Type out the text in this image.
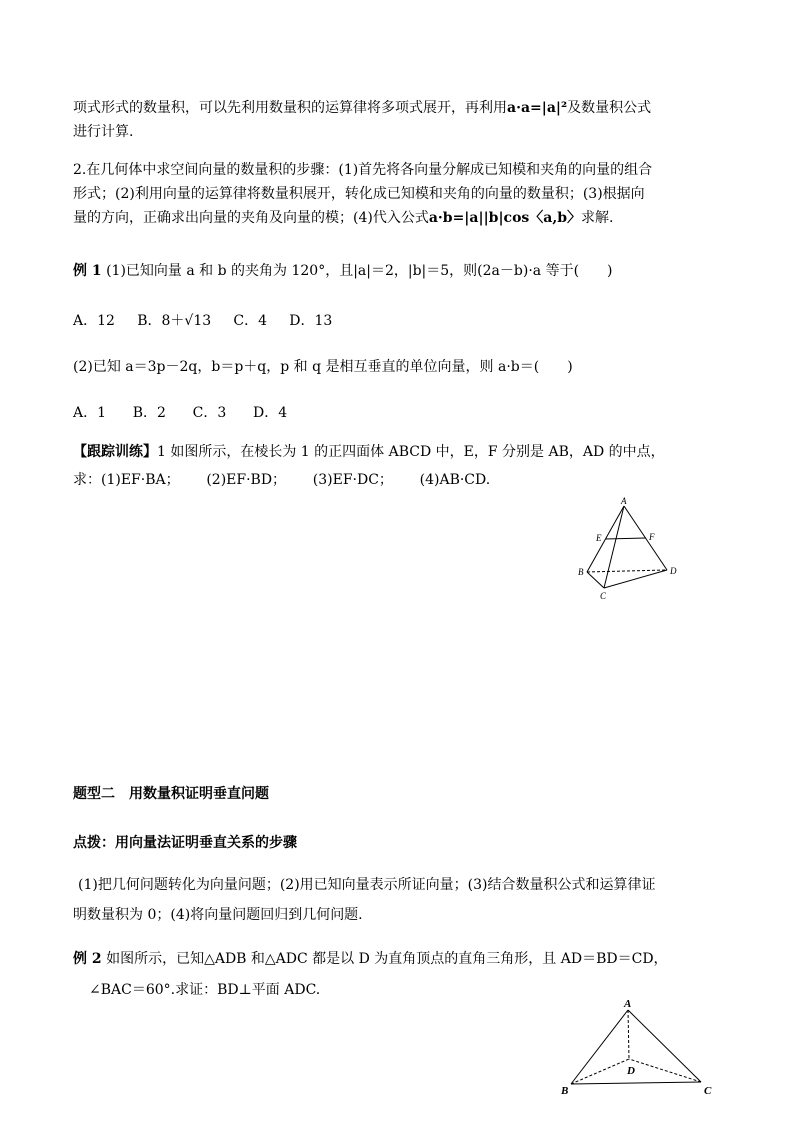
项式形式的数量积，可以先利用数量积的运算律将多项式展开，再利用a·a=|a|²及数量积公式
进行计算.
2.在几何体中求空间向量的数量积的步骤：(1)首先将各向量分解成已知模和夹角的向量的组合
形式；(2)利用向量的运算律将数量积展开，转化成已知模和夹角的向量的数量积；(3)根据向
量的方向，正确求出向量的夹角及向量的模；(4)代入公式a·b=|a||b|cos〈a,b〉求解.
例 1 (1)已知向量 a 和 b 的夹角为 120°，且|a|＝2，|b|＝5，则(2a－b)·a 等于(　　)
A．12 B．8＋√13 C．4 D．13
(2)已知 a＝3p－2q，b＝p＋q，p 和 q 是相互垂直的单位向量，则 a·b＝(　　)
A．1 B．2 C．3 D．4
【跟踪训练】1 如图所示，在棱长为 1 的正四面体 ABCD 中，E，F 分别是 AB，AD 的中点，
求：(1)EF·BA； (2)EF·BD； (3)EF·DC； (4)AB·CD.
A
E	F
B	D
C
题型二　用数量积证明垂直问题
点拨：用向量法证明垂直关系的步骤
(1)把几何问题转化为向量问题；(2)用已知向量表示所证向量；(3)结合数量积公式和运算律证
明数量积为 0；(4)将向量问题回归到几何问题.
例 2 如图所示，已知△ADB 和△ADC 都是以 D 为直角顶点的直角三角形，且 AD＝BD＝CD，
∠BAC＝60°.求证：BD⊥平面 ADC.
A
D
B	C
